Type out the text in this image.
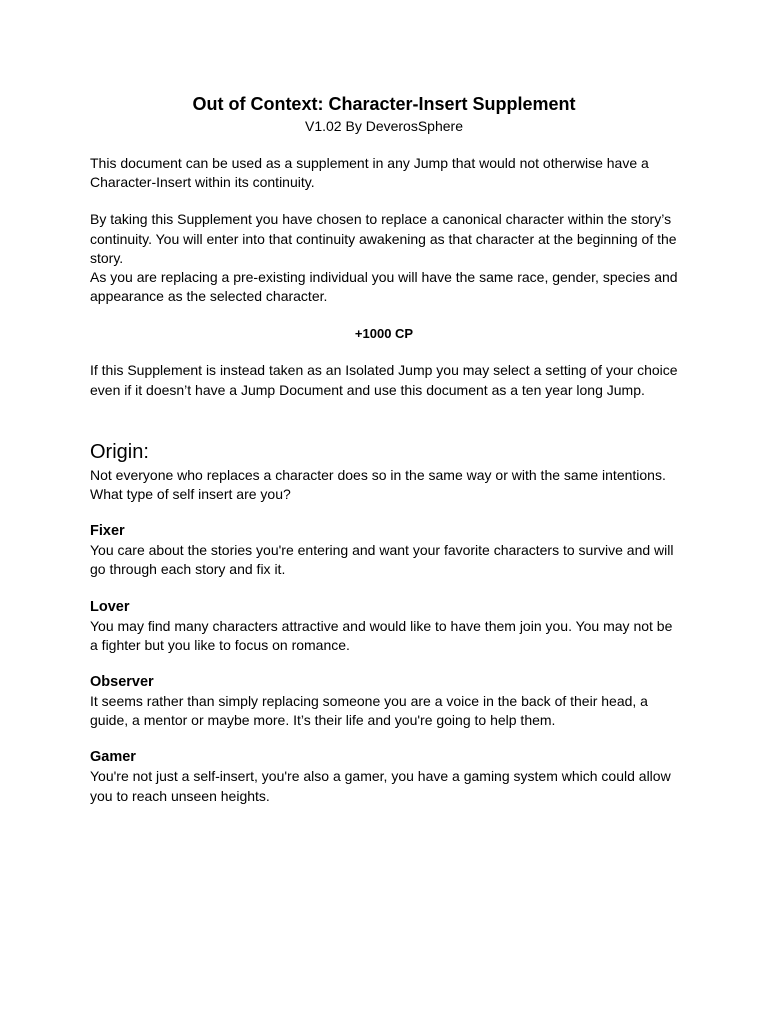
Out of Context: Character-Insert Supplement
V1.02 By DeverosSphere

This document can be used as a supplement in any Jump that would not otherwise have a Character-Insert within its continuity.

By taking this Supplement you have chosen to replace a canonical character within the story’s continuity. You will enter into that continuity awakening as that character at the beginning of the story.

As you are replacing a pre-existing individual you will have the same race, gender, species and appearance as the selected character.

+1000 CP

If this Supplement is instead taken as an Isolated Jump you may select a setting of your choice even if it doesn’t have a Jump Document and use this document as a ten year long Jump.

Origin:

Not everyone who replaces a character does so in the same way or with the same intentions. What type of self insert are you?

Fixer

You care about the stories you're entering and want your favorite characters to survive and will go through each story and fix it.

Lover

You may find many characters attractive and would like to have them join you. You may not be a fighter but you like to focus on romance.

Observer

It seems rather than simply replacing someone you are a voice in the back of their head, a guide, a mentor or maybe more. It’s their life and you're going to help them.

Gamer

You're not just a self-insert, you're also a gamer, you have a gaming system which could allow you to reach unseen heights.
